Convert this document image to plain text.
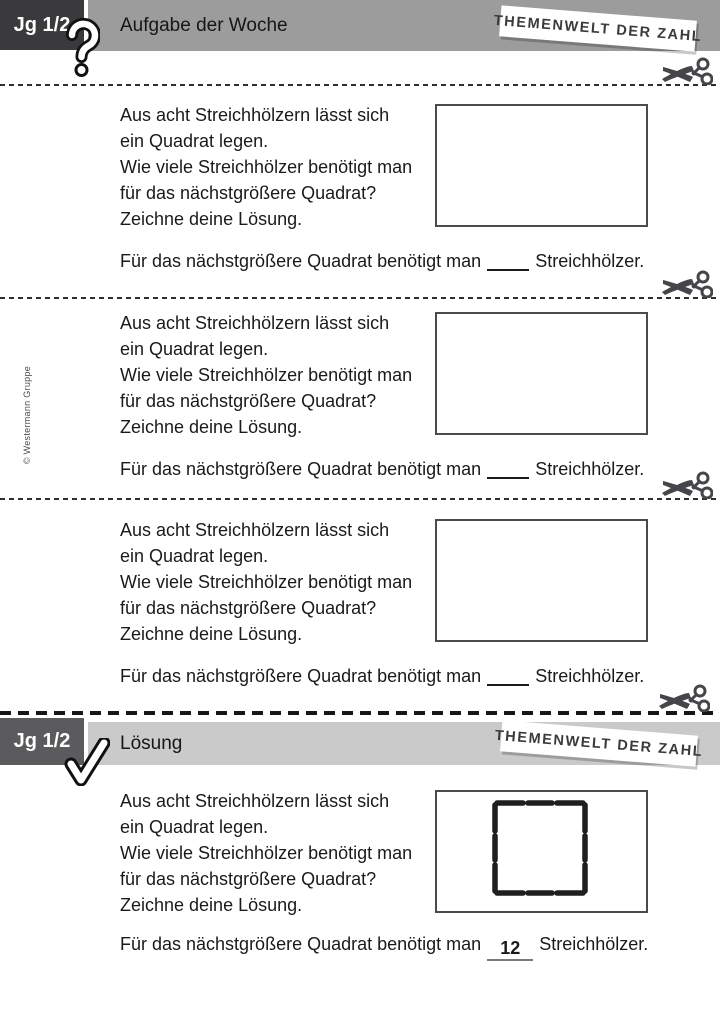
Jg 1/2	Aufgabe der Woche	THEMENWELT DER ZAHL
Aus acht Streichhölzern lässt sich
ein Quadrat legen.
Wie viele Streichhölzer benötigt man
für das nächstgrößere Quadrat?
Zeichne deine Lösung.
Für das nächstgrößere Quadrat benötigt man	Streichhölzer.
Aus acht Streichhölzern lässt sich
ein Quadrat legen.
Wie viele Streichhölzer benötigt man
für das nächstgrößere Quadrat?
Zeichne deine Lösung.
Für das nächstgrößere Quadrat benötigt man	Streichhölzer.
Aus acht Streichhölzern lässt sich
ein Quadrat legen.
Wie viele Streichhölzer benötigt man
für das nächstgrößere Quadrat?
Zeichne deine Lösung.
Für das nächstgrößere Quadrat benötigt man	Streichhölzer.
Jg 1/2	Lösung	THEMENWELT DER ZAHL
Aus acht Streichhölzern lässt sich
ein Quadrat legen.
Wie viele Streichhölzer benötigt man
für das nächstgrößere Quadrat?
Zeichne deine Lösung.
Für das nächstgrößere Quadrat benötigt man 12 Streichhölzer.
© Westermann Gruppe
